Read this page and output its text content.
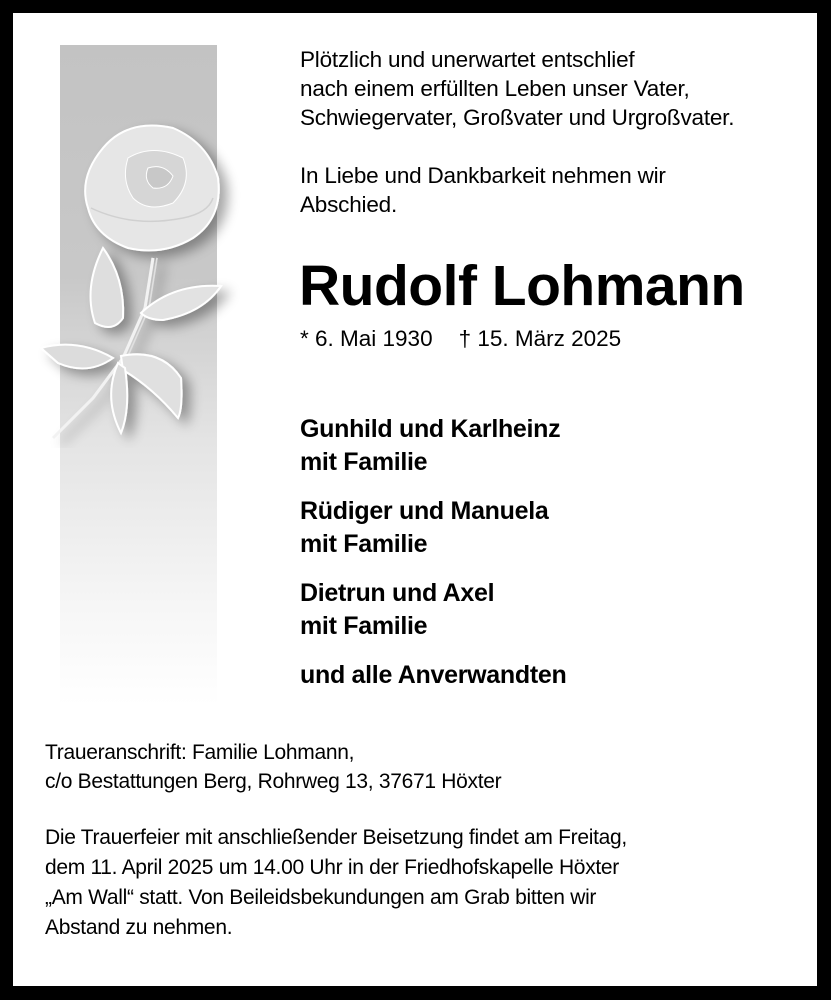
Plötzlich und unerwartet entschlief

nach einem erfüllten Leben unser Vater,

Schwiegervater, Großvater und Urgroßvater.

In Liebe und Dankbarkeit nehmen wir

Abschied.

Rudolf Lohmann
* 6. Mai 1930 † 15. März 2025
Gunhild und Karlheinz
mit Familie
Rüdiger und Manuela
mit Familie
Dietrun und Axel
mit Familie
und alle Anverwandten
Traueranschrift: Familie Lohmann,
c/o Bestattungen Berg, Rohrweg 13, 37671 Höxter
Die Trauerfeier mit anschließender Beisetzung findet am Freitag,
dem 11. April 2025 um 14.00 Uhr in der Friedhofskapelle Höxter
„Am Wall“ statt. Von Beileidsbekundungen am Grab bitten wir
Abstand zu nehmen.
